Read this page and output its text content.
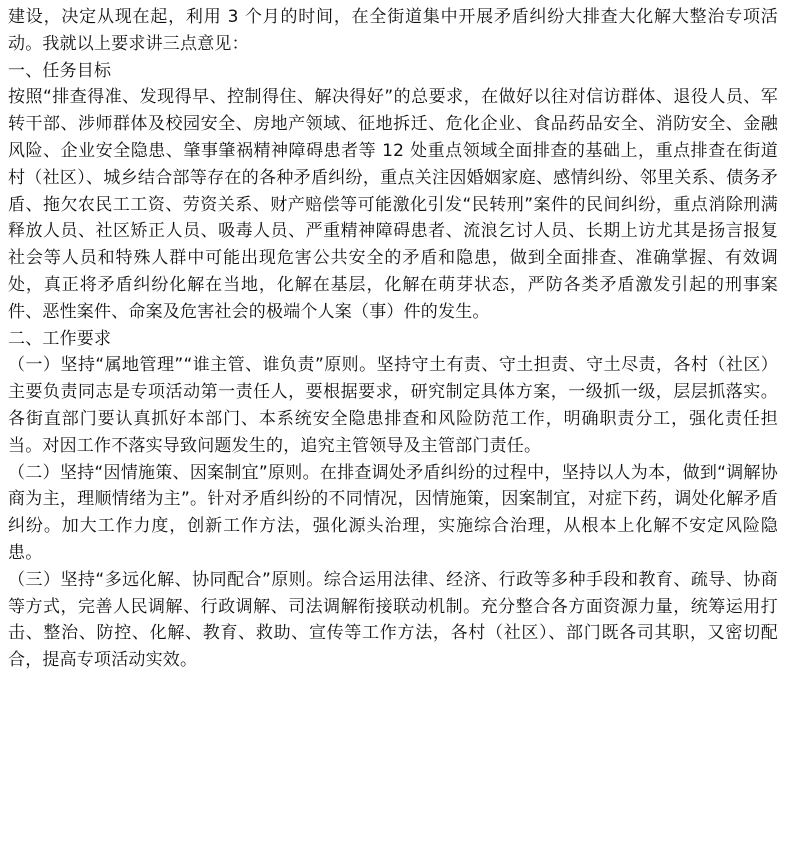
建设，决定从现在起，利用 3 个月的时间，在全街道集中开展矛盾纠纷大排查大化解大整治专项活动。我就以上要求讲三点意见：

一、任务目标

按照“排查得准、发现得早、控制得住、解决得好”的总要求，在做好以往对信访群体、退役人员、军转干部、涉师群体及校园安全、房地产领域、征地拆迁、危化企业、食品药品安全、消防安全、金融风险、企业安全隐患、肇事肇祸精神障碍患者等 12 处重点领域全面排查的基础上，重点排查在街道村（社区）、城乡结合部等存在的各种矛盾纠纷，重点关注因婚姻家庭、感情纠纷、邻里关系、债务矛盾、拖欠农民工工资、劳资关系、财产赔偿等可能激化引发“民转刑”案件的民间纠纷，重点消除刑满释放人员、社区矫正人员、吸毒人员、严重精神障碍患者、流浪乞讨人员、长期上访尤其是扬言报复社会等人员和特殊人群中可能出现危害公共安全的矛盾和隐患，做到全面排查、准确掌握、有效调处，真正将矛盾纠纷化解在当地，化解在基层，化解在萌芽状态，严防各类矛盾激发引起的刑事案件、恶性案件、命案及危害社会的极端个人案（事）件的发生。

二、工作要求

（一）坚持“属地管理”“谁主管、谁负责”原则。坚持守土有责、守土担责、守土尽责，各村（社区）主要负责同志是专项活动第一责任人，要根据要求，研究制定具体方案，一级抓一级，层层抓落实。各街直部门要认真抓好本部门、本系统安全隐患排查和风险防范工作，明确职责分工，强化责任担当。对因工作不落实导致问题发生的，追究主管领导及主管部门责任。

（二）坚持“因情施策、因案制宜”原则。在排查调处矛盾纠纷的过程中，坚持以人为本，做到“调解协商为主，理顺情绪为主”。针对矛盾纠纷的不同情况，因情施策，因案制宜，对症下药，调处化解矛盾纠纷。加大工作力度，创新工作方法，强化源头治理，实施综合治理，从根本上化解不安定风险隐患。

（三）坚持“多远化解、协同配合”原则。综合运用法律、经济、行政等多种手段和教育、疏导、协商等方式，完善人民调解、行政调解、司法调解衔接联动机制。充分整合各方面资源力量，统筹运用打击、整治、防控、化解、教育、救助、宣传等工作方法，各村（社区）、部门既各司其职，又密切配合，提高专项活动实效。
